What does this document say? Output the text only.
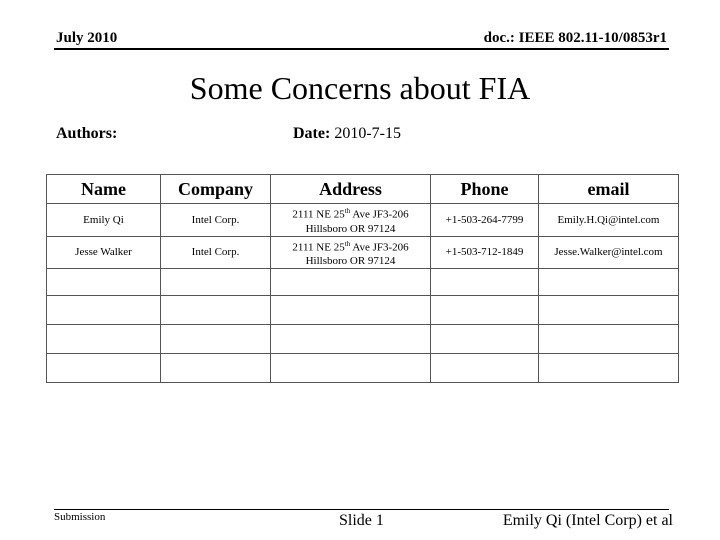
July 2010	doc.: IEEE 802.11-10/0853r1
Some Concerns about FIA
Authors:	Date: 2010-7-15
Name	Company	Address	Phone	email
Emily Qi	Intel Corp.	2111 NE 25th Ave JF3-206
Hillsboro OR 97124	+1-503-264-7799	Emily.H.Qi@intel.com
Jesse Walker	Intel Corp.	2111 NE 25th Ave JF3-206
Hillsboro OR 97124	+1-503-712-1849	Jesse.Walker@intel.com

Submission	Slide 1	Emily Qi (Intel Corp) et al
